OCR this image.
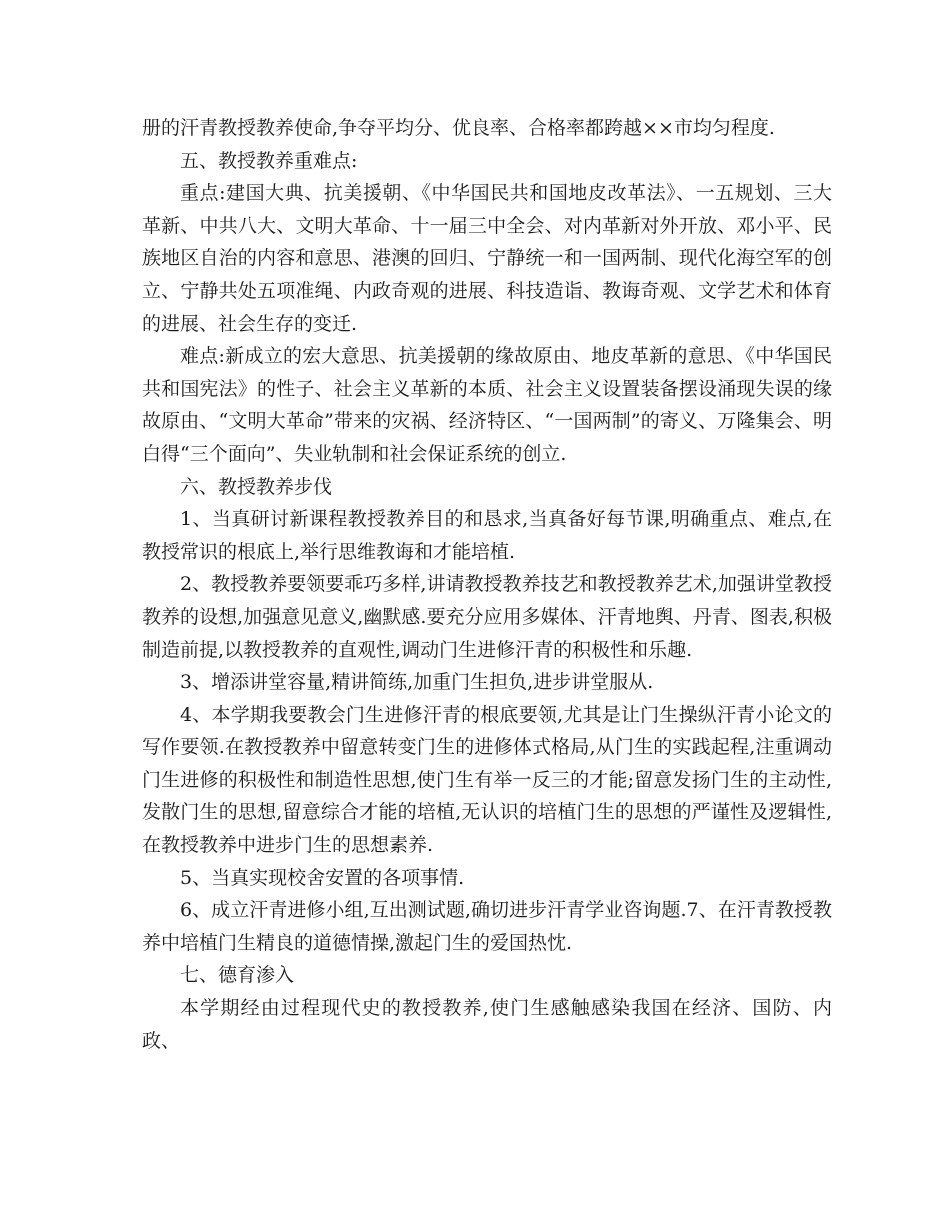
册的汗青教授教养使命,争夺平均分、优良率、合格率都跨越××市均匀程度.

五、教授教养重难点:

重点:建国大典、抗美援朝、《中华国民共和国地皮改革法》、一五规划、三大革新、中共八大、文明大革命、十一届三中全会、对内革新对外开放、邓小平、民族地区自治的内容和意思、港澳的回归、宁静统一和一国两制、现代化海空军的创立、宁静共处五项准绳、内政奇观的进展、科技造诣、教诲奇观、文学艺术和体育的进展、社会生存的变迁.

难点:新成立的宏大意思、抗美援朝的缘故原由、地皮革新的意思、《中华国民共和国宪法》的性子、社会主义革新的本质、社会主义设置装备摆设涌现失误的缘故原由、“文明大革命”带来的灾祸、经济特区、“一国两制”的寄义、万隆集会、明白得“三个面向”、失业轨制和社会保证系统的创立.

六、教授教养步伐

1、当真研讨新课程教授教养目的和恳求,当真备好每节课,明确重点、难点,在教授常识的根底上,举行思维教诲和才能培植.

2、教授教养要领要乖巧多样,讲请教授教养技艺和教授教养艺术,加强讲堂教授教养的设想,加强意见意义,幽默感.要充分应用多媒体、汗青地舆、丹青、图表,积极制造前提,以教授教养的直观性,调动门生进修汗青的积极性和乐趣.

3、增添讲堂容量,精讲简练,加重门生担负,进步讲堂服从.

4、本学期我要教会门生进修汗青的根底要领,尤其是让门生操纵汗青小论文的写作要领.在教授教养中留意转变门生的进修体式格局,从门生的实践起程,注重调动门生进修的积极性和制造性思想,使门生有举一反三的才能;留意发扬门生的主动性,发散门生的思想,留意综合才能的培植,无认识的培植门生的思想的严谨性及逻辑性,在教授教养中进步门生的思想素养.

5、当真实现校舍安置的各项事情.

6、成立汗青进修小组,互出测试题,确切进步汗青学业咨询题.7、在汗青教授教养中培植门生精良的道德情操,激起门生的爱国热忱.

七、德育渗入

本学期经由过程现代史的教授教养,使门生感触感染我国在经济、国防、内政、
